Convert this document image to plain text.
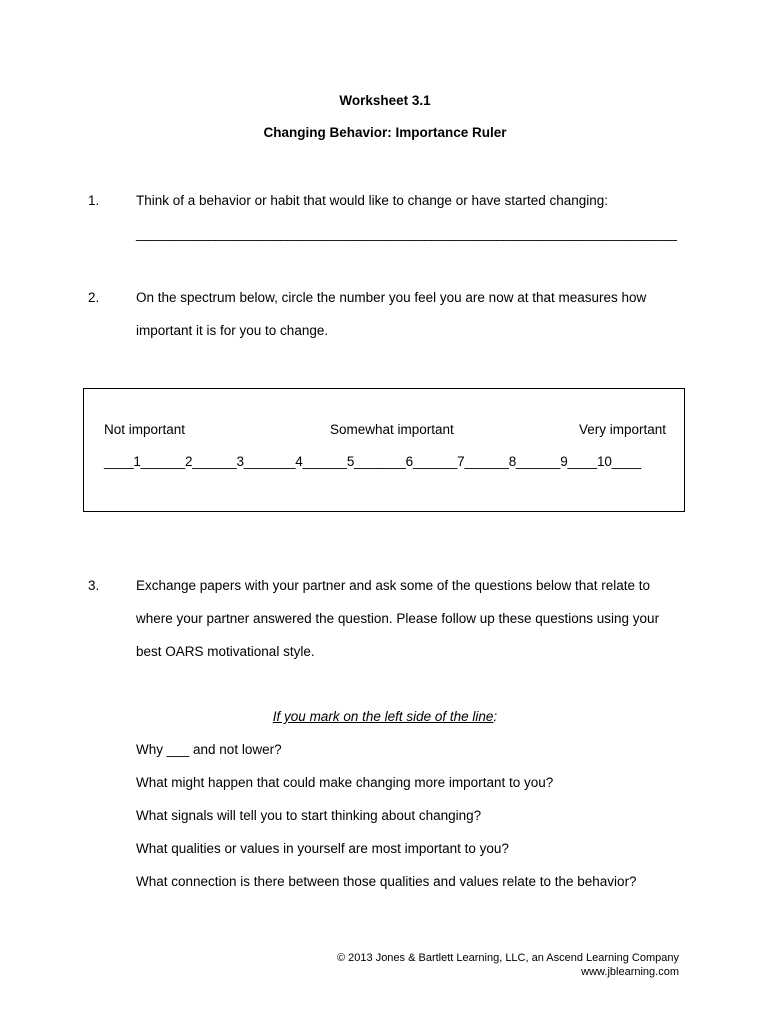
Worksheet 3.1
Changing Behavior: Importance Ruler
1.	Think of a behavior or habit that would like to change or have started changing:
___________________________________________________________________________
2.	On the spectrum below, circle the number you feel you are now at that measures how
important it is for you to change.
Not important	Somewhat important	Very important
____1______2______3_______4______5_______6______7______8______9____10____
3.	Exchange papers with your partner and ask some of the questions below that relate to
where your partner answered the question. Please follow up these questions using your
best OARS motivational style.
If you mark on the left side of the line:
Why ___ and not lower?
What might happen that could make changing more important to you?
What signals will tell you to start thinking about changing?
What qualities or values in yourself are most important to you?
What connection is there between those qualities and values relate to the behavior?
© 2013 Jones & Bartlett Learning, LLC, an Ascend Learning Company
www.jblearning.com
